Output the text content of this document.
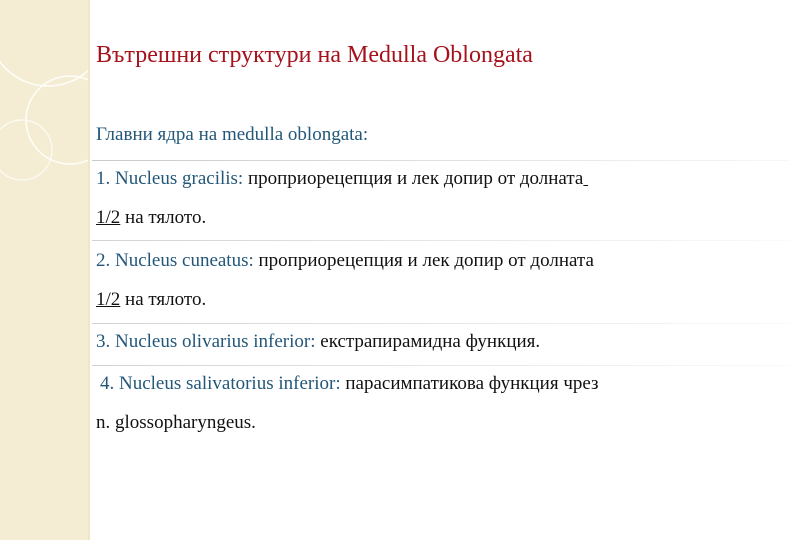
Вътрешни структури на Medulla Oblongata
Главни ядра на medulla oblongata:
1. Nucleus gracilis: проприорецепция и лек допир от долната
1/2 на тялото.
2. Nucleus cuneatus: проприорецепция и лек допир от долната
1/2 на тялото.
3. Nucleus olivarius inferior: екстрапирамидна функция.
4. Nucleus salivatorius inferior: парасимпатикова функция чрез
n. glossopharyngeus.
